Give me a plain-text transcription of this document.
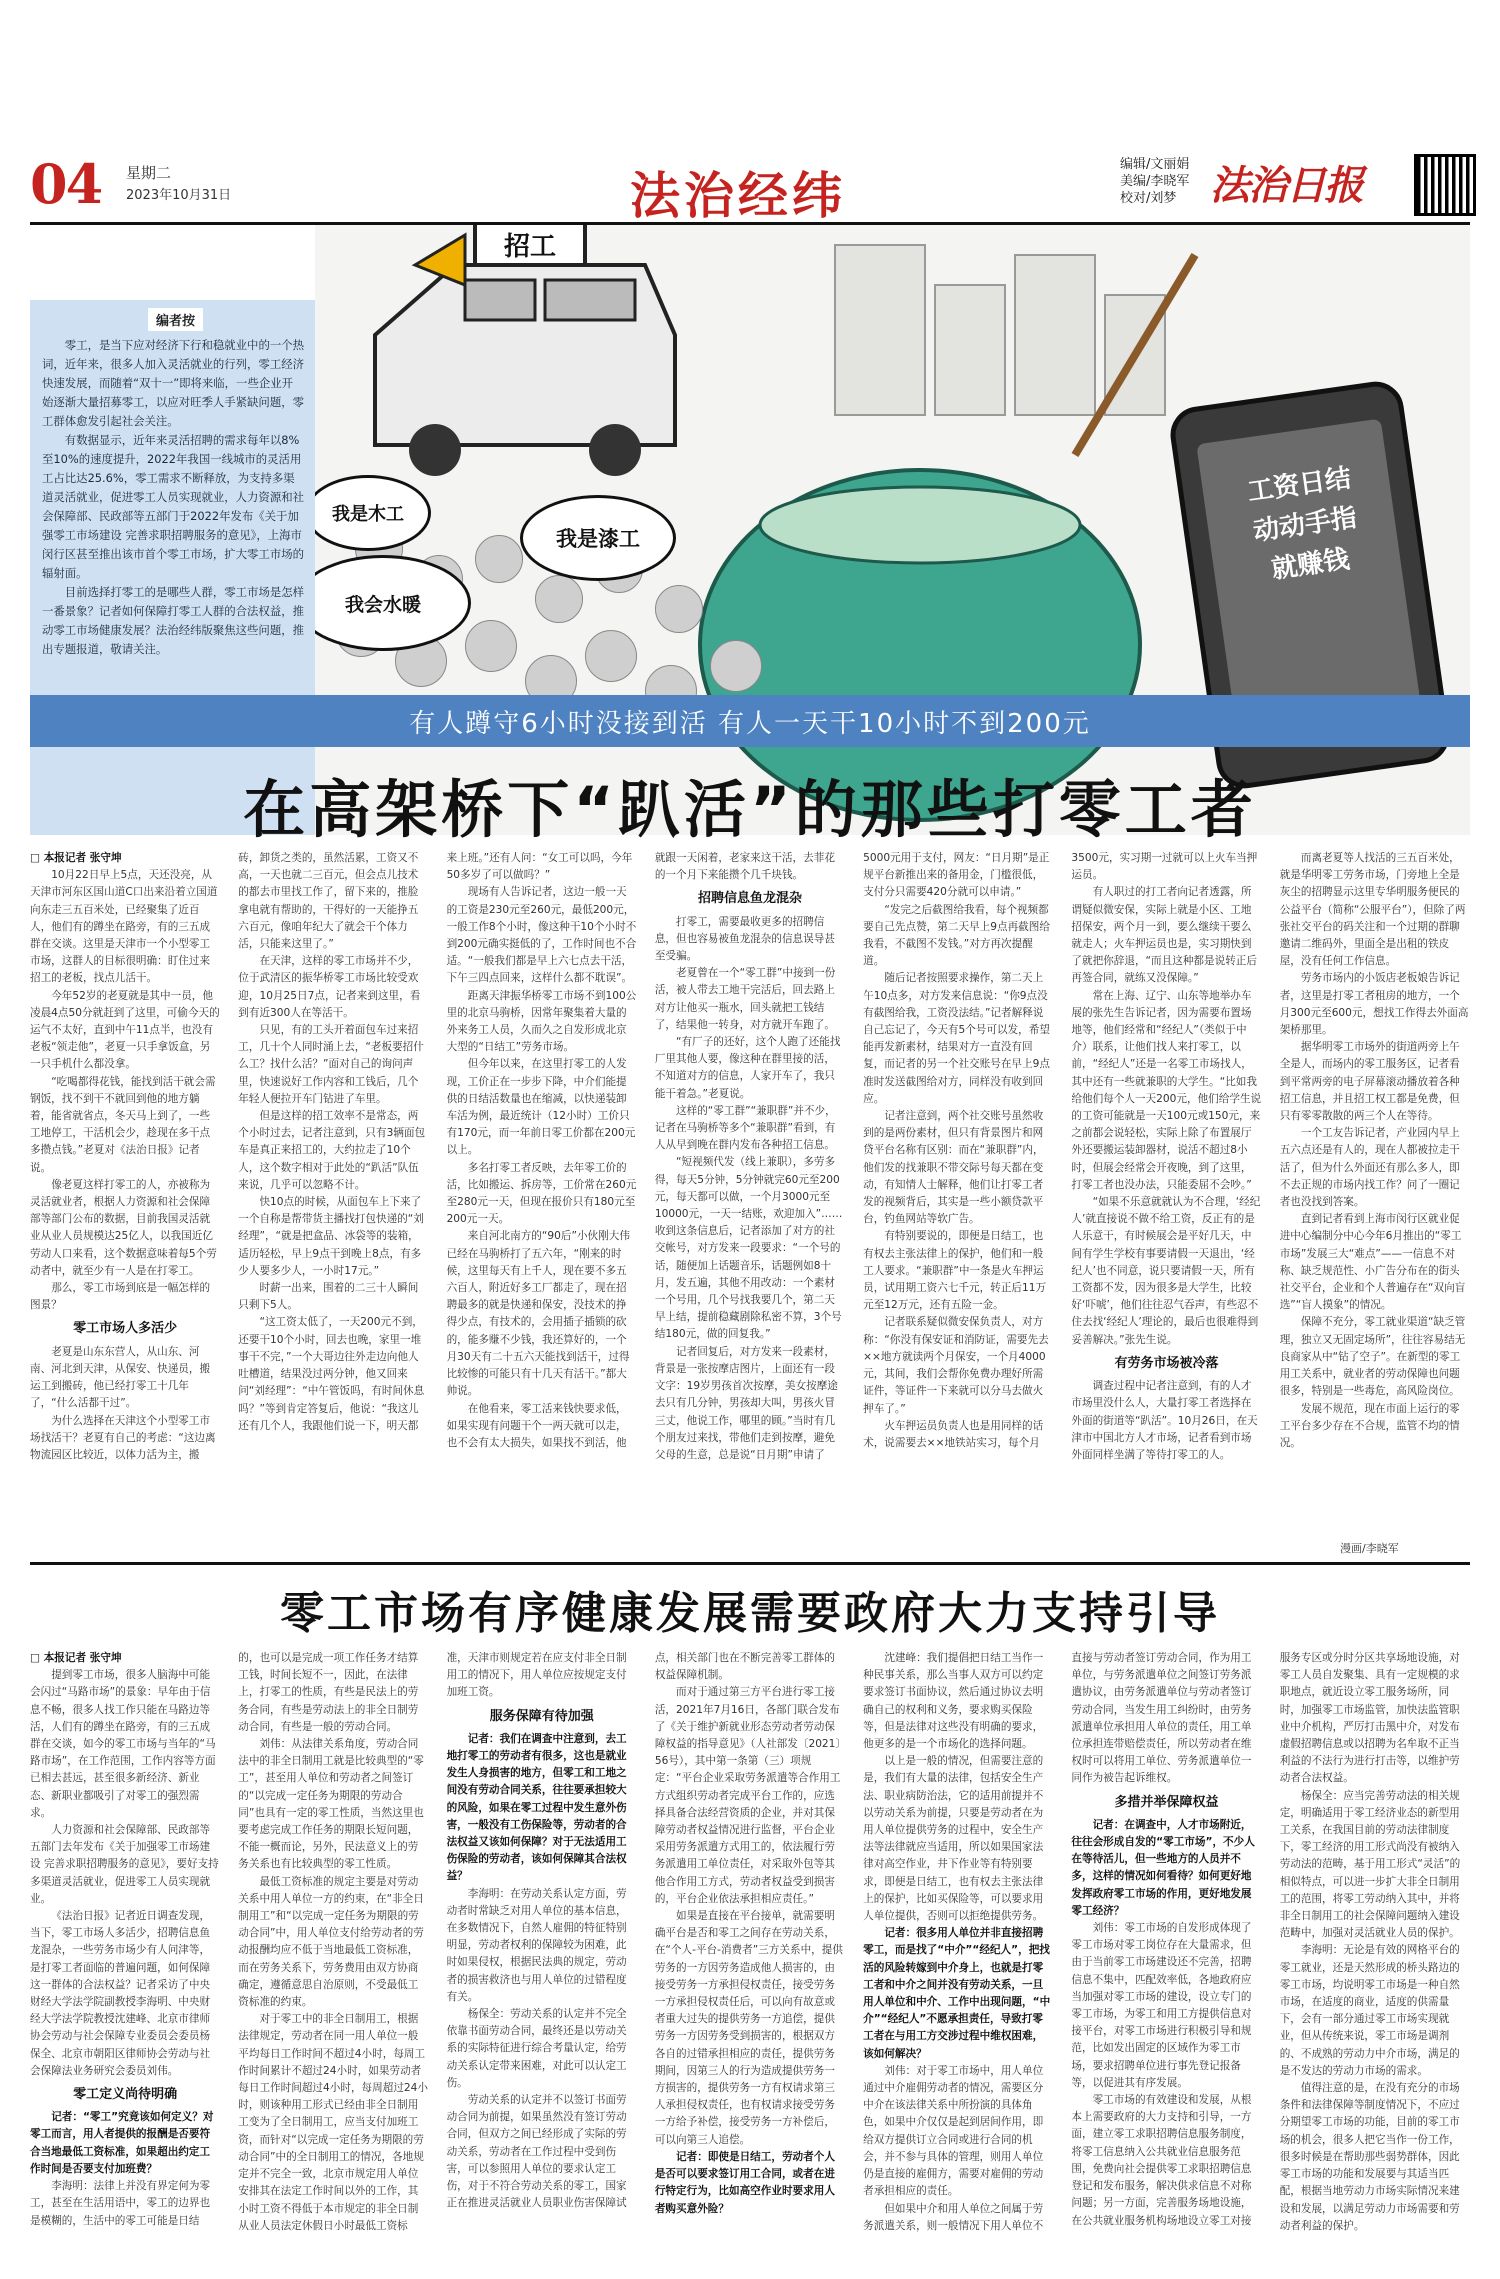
04 星期二
2023年10月31日	法治经纬
编辑/文丽娟
美编/李晓军
校对/刘梦 法治日报
编者按

零工，是当下应对经济下行和稳就业中的一个热词，近年来，很多人加入灵活就业的行列，零工经济快速发展，而随着“双十一”即将来临，一些企业开始逐渐大量招募零工，以应对旺季人手紧缺问题，零工群体愈发引起社会关注。

有数据显示，近年来灵活招聘的需求每年以8%至10%的速度提升，2022年我国一线城市的灵活用工占比达25.6%，零工需求不断释放，为支持多渠道灵活就业，促进零工人员实现就业，人力资源和社会保障部、民政部等五部门于2022年发布《关于加强零工市场建设 完善求职招聘服务的意见》，上海市闵行区甚至推出该市首个零工市场，扩大零工市场的辐射面。

目前选择打零工的是哪些人群，零工市场是怎样一番景象？记者如何保障打零工人群的合法权益，推动零工市场健康发展？法治经纬版聚焦这些问题，推出专题报道，敬请关注。

招工
我是木工
我是漆工
我会水暖
工资日结
动动手指
就赚钱
有人蹲守6小时没接到活 有人一天干10小时不到200元
在高架桥下“趴活”的那些打零工者

□ 本报记者 张守坤

10月22日早上5点，天还没亮，从天津市河东区国山道C口出来沿着立国道向东走三五百米处，已经聚集了近百人，他们有的蹲坐在路旁，有的三五成群在交谈。这里是天津市一个小型零工市场，这群人的目标很明确：盯住过来招工的老板，找点儿活干。

今年52岁的老夏就是其中一员，他凌晨4点50分就赶到了这里，可偷今天的运气不太好，直到中午11点半，也没有老板“领走他”，老夏一只手拿饭盒，另一只手机什么都没拿。

“吃喝都得花钱，能找到活干就会需钢饭，找不到干不就回到他的地方躺着，能省就省点，冬天马上到了，一些工地停工，干活机会少，趁现在多干点多攒点钱。”老夏对《法治日报》记者说。

像老夏这样打零工的人，亦被称为灵活就业者，根据人力资源和社会保障部等部门公布的数据，目前我国灵活就业从业人员规模达25亿人，以我国近亿劳动人口来看，这个数据意味着每5个劳动者中，就至少有一人是在打零工。

那么，零工市场到底是一幅怎样的图景？

零工市场人多活少

老夏是山东东营人，从山东、河南、河北到天津，从保安、快递员，搬运工到搬砖，他已经打零工十几年了，“什么活都干过”。

为什么选择在天津这个小型零工市场找活干？老夏有自己的考虑：“这边离物流园区比较近，以体力活为主，搬砖，卸货之类的，虽然活累，工资又不高，一天也就二三百元，但会点儿技术的都去市里找工作了，留下来的，推脸拿电就有帮助的，干得好的一天能挣五六百元，像咱年纪大了就会干个体力活，只能来这里了。”

在天津，这样的零工市场并不少，位于武清区的振华桥零工市场比较受欢迎，10月25日7点，记者来到这里，看到有近300人在等活干。

只见，有的工头开着面包车过来招工，几十个人同时涌上去，“老板要招什么工？找什么活？”面对自己的询问声里，快速说好工作内容和工钱后，几个年轻人便拉开车门钻进了车里。

但是这样的招工效率不是常态，两个小时过去，记者注意到，只有3辆面包车是真正来招工的，大约拉走了10个人，这个数字相对于此处的“趴活”队伍来说，几乎可以忽略不计。

快10点的时候，从面包车上下来了一个自称是帮带货主播找打包快递的“刘经理”，“就是把盒品、冰袋等的装箱，适历轻松，早上9点干到晚上8点，有多少人要多少人，一小时17元。”

时薪一出来，围着的二三十人瞬间只剩下5人。

“这工资太低了，一天200元不到，还要干10个小时，回去也晚，家里一堆事干不完，”一个大哥边往外走边向他人吐槽道，结果没过两分钟，他又回来问“刘经理”：“中午管饭吗，有时间休息吗？”等到肯定答复后，他说：“我这儿还有几个人，我跟他们说一下，明天都来上班。”还有人问：“女工可以吗，今年50多岁了可以做吗？”

现场有人告诉记者，这边一般一天的工资是230元至260元，最低200元，一般工作8个小时，像这种干10个小时不到200元确实挺低的了，工作时间也不合适。“一般我们都是早上六七点去干活，下午三四点回来，这样什么都不耽误”。

距离天津振华桥零工市场不到100公里的北京马驹桥，因常年聚集着大量的外来务工人员，久而久之自发形成北京大型的“日结工”劳务市场。

但今年以来，在这里打零工的人发现，工价正在一步步下降，中介们能提供的日结活数量也在缩减，以快递装卸车活为例，最近统计（12小时）工价只有170元，而一年前日零工价都在200元以上。

多名打零工者反映，去年零工价的活，比如搬运、拆房等，工价常在260元至280元一天，但现在报价只有180元至200元一天。

来自河北南方的“90后”小伙刚大伟已经在马驹桥打了五六年，“刚来的时候，这里每天有上千人，现在要不多五六百人，附近好多工厂都走了，现在招聘最多的就是快递和保安，没技术的挣得少点，有技术的，会用插子插锁的砍的，能多赚不少钱，我还算好的，一个月30天有二十五六天能找到活干，过得比较惨的可能只有十几天有活干。”都大帅说。

在他看来，零工活来钱快要求低，如果实现有问题干个一两天就可以走，也不会有太大损失，如果找不到活，他就跟一天闲着，老家来这干活，去菲花的一个月下来能攒个几千块钱。

招聘信息鱼龙混杂

打零工，需要最收更多的招聘信息，但也容易被鱼龙混杂的信息误导甚至受骗。

老夏曾在一个“零工群”中接到一份活，被人带去工地干完活后，回去路上对方让他买一瓶水，回头就把工钱结了，结果他一转身，对方就开车跑了。

“有厂子的还好，这个人跑了还能找厂里其他人要，像这种在群里接的活，不知道对方的信息，人家开车了，我只能干着急。”老夏说。

这样的“零工群”“兼职群”并不少，记者在马驹桥等多个“兼职群”看到，有人从早到晚在群内发布各种招工信息。

“短视频代发（线上兼职），多劳多得，每天5分钟，5分钟就完60元至200元，每天都可以做，一个月3000元至10000元，一天一结账，欢迎加入”……收到这条信息后，记者添加了对方的社交帐号，对方发来一段要求：“一个号的话，随便加上话题音乐，话题例如8十月，发五遍，其他不用改动：一个素材一个号用，几个号找我要几个，第二天早上结，提前稳藏剧除私密不算，3个号结180元，做的回复我。”

记者回复后，对方发来一段素材，背景是一张按摩店图片，上面还有一段文字：19岁男孩首次按摩，美女按摩途去只有几分钟，男孩却大叫，男孩火冒三丈，他说工作，哪里的顾。”当时有几个朋友过来找，带他们走到按摩，避免父母的生意，总是说“日月期”申请了5000元用于支付，网友：“日月期”是正规平台新推出来的备用金，门槛很低，支付分只需要420分就可以申请。”

“发完之后截图给我看，每个视频都要自己先点赞，第二天早上9点再截图给我看，不截图不发钱。”对方再次提醒道。

随后记者按照要求操作，第二天上午10点多，对方发来信息说：“你9点没有截图给我，工资没法结。”记者解释说自己忘记了，今天有5个号可以发，希望能再发新素材，结果对方一直没有回复，而记者的另一个社交账号在早上9点准时发送截图给对方，同样没有收到回应。

记者注意到，两个社交账号虽然收到的是两份素材，但只有背景图片和网贷平台名称有区别：而在“兼职群”内，他们发的找兼职不带交际号每天都在变动，有知情人士解释，他们让打零工者发的视频背后，其实是一些小额贷款平台，钓鱼网站等软广告。

有特别要说的，即便是日结工，也有权去主张法律上的保护，他们和一般工人要求。“兼职群”中一条是火车押运员，试用期工资六七千元，转正后11万元至12万元，还有五险一金。

记者联系疑似微安保负责人，对方称：“你没有保安证和消防证，需要先去××地方就读两个月保安，一个月4000元，其间，我们会帮你免费办理好所需证件，等证件一下来就可以分马去做火押车了。”

火车押运员负责人也是用同样的话术，说需要去××地铁站实习，每个月3500元，实习期一过就可以上火车当押运员。

有人职过的打工者向记者透露，所谓疑似微安保，实际上就是小区、工地招保安，两个月一到，要么继续干要么就走人；火车押运员也是，实习期快到了就把你辞退，“而且这种都是说转正后再签合同，就练又没保障。”

常在上海、辽宁、山东等地举办车展的张先生告诉记者，因为需要布置场地等，他们经常和“经纪人”（类似于中介）联系，让他们找人来打零工，以前，“经纪人”还是一名零工市场找人，其中还有一些就兼职的大学生。“比如我给他们每个人一天200元，他们给学生说的工资可能就是一天100元或150元，来之前都会说轻松，实际上除了布置展厅外还要搬运装卸器材，说活不超过8小时，但展会经常会开夜晚，到了这里，打零工者也没办法，只能委屈不会吵。”

“如果不乐意就就认为不合理，‘经纪人’就直接说不做不给工资，反正有的是人乐意干，有时候展会是平好几天，中间有学生学校有事要请假一天退出，‘经纪人’也不同意，说只要请假一天，所有工资都不发，因为很多是大学生，比较好‘吓唬’，他们往往忍气吞声，有些忍不住去找‘经纪人’理论的，最后也很难得到妥善解决。”张先生说。

有劳务市场被冷落

调查过程中记者注意到，有的人才市场里没什么人，大量打零工者选择在外面的街道等“趴活”。10月26日，在天津市中国北方人才市场，记者看到市场外面同样坐满了等待打零工的人。

而离老夏等人找活的三五百米处，就是华明零工劳务市场，门旁地上全是灰尘的招聘显示这里专华明服务便民的公益平台（简称“公服平台”），但除了两张社交平台的码关注和一个过期的群聊邀请二维码外，里面全是出租的铁皮屋，没有任何工作信息。

劳务市场内的小饭店老板娘告诉记者，这里是打零工者租房的地方，一个月300元至600元，想找工作得去外面高架桥那里。

据华明零工市场外的街道两旁上午全是人，而场内的零工服务区，记者看到平常两旁的电子屏幕滚动播放着各种招工信息，并且招工权工都是免费，但只有零零散散的两三个人在等待。

一个工友告诉记者，产业园内早上五六点还是有人的，现在人都被拉走干活了，但为什么外面还有那么多人，即不去正规的市场内找工作？问了一圈记者也没找到答案。

直到记者看到上海市闵行区就业促进中心编制分中心今年6月推出的“零工市场”发展三大“难点”——一信息不对称、缺乏规范性、小广告分布在的街头社交平台，企业和个人普遍存在“双向盲选”“盲人摸象”的情况。

保障不充分，零工就业渠道“缺乏管理，独立又无固定场所”，往往容易结无良商家从中“钻了空子”。在新型的零工用工关系中，就业者的劳动保障也问题很多，特别是一些毒危，高风险岗位。

发展不规范，现在市面上运行的零工平台多少存在不合规，监管不均的情况。

漫画/李晓军
零工市场有序健康发展需要政府大力支持引导

□ 本报记者 张守坤

提到零工市场，很多人脑海中可能会闪过“马路市场”的景象：早年由于信息不畅，很多人找工作只能在马路边等活，人们有的蹲坐在路旁，有的三五成群在交谈，如今的零工市场与当年的“马路市场”，在工作范围，工作内容等方面已相去甚远，甚至很多新经济、新业态、新职业都吸引了对零工的强烈需求。

人力资源和社会保障部、民政部等五部门去年发布《关于加强零工市场建设 完善求职招聘服务的意见》，要好支持多渠道灵活就业，促进零工人员实现就业。

《法治日报》记者近日调查发现，当下，零工市场人多活少，招聘信息鱼龙混杂，一些劳务市场少有人问津等，是打零工者面临的普遍问题，如何保障这一群体的合法权益？记者采访了中央财经大学法学院副教授李海明、中央财经大学法学院教授沈建峰、北京市律师协会劳动与社会保障专业委员会委员杨保全、北京市朝阳区律师协会劳动与社会保障法业务研究会委员刘伟。

零工定义尚待明确

记者：“零工”究竟该如何定义？对零工而言，用人者提供的报酬是否要符合当地最低工资标准，如果超出约定工作时间是否要支付加班费？

李海明：法律上并没有界定何为零工，甚至在生活用语中，零工的边界也是模糊的，生活中的零工可能是日结的，也可以是完成一项工作任务才结算工钱，时间长短不一，因此，在法律上，打零工的性质，有些是民法上的劳务合同，有些是劳动法上的非全日制劳动合同，有些是一般的劳动合同。

刘伟：从法律关系角度，劳动合同法中的非全日制用工就是比较典型的“零工”，甚至用人单位和劳动者之间签订的“以完成一定任务为期限的劳动合同”也具有一定的零工性质，当然这里也要考虑完成工作任务的期限长短问题，不能一概而论，另外，民法意义上的劳务关系也有比较典型的零工性质。

最低工资标准的规定主要是对劳动关系中用人单位一方的约束，在“非全日制用工”和“以完成一定任务为期限的劳动合同”中，用人单位支付给劳动者的劳动报酬均应不低于当地最低工资标准，而在劳务关系下，劳务费用由双方协商确定，遵循意思自治原则，不受最低工资标准的约束。

对于零工中的非全日制用工，根据法律规定，劳动者在同一用人单位一般平均每日工作时间不超过4小时，每周工作时间累计不超过24小时，如果劳动者每日工作时间超过4小时，每周超过24小时，则该种用工形式已经由非全日制用工变为了全日制用工，应当支付加班工资，而针对“以完成一定任务为期限的劳动合同”中的全日制用工的情况，各地规定并不完全一致，北京市规定用人单位安排其在法定工作时间以外的工作，其小时工资不得低于本市规定的非全日制从业人员法定休假日小时最低工资标准，天津市则规定若在应支付非全日制用工的情况下，用人单位应按规定支付加班工资。

服务保障有待加强

记者：我们在调查中注意到，去工地打零工的劳动者有很多，这也是就业发生人身损害的地方，但零工和工地之间没有劳动合同关系，往往要承担较大的风险，如果在零工过程中发生意外伤害，一般没有工伤保险等，劳动者的合法权益又该如何保障？对于无法适用工伤保险的劳动者，该如何保障其合法权益？

李海明：在劳动关系认定方面，劳动者时常缺乏对用人单位的基本信息，在多数情况下，自然人雇佣的特征特别明显，劳动者权利的保障较为困难，此时如果侵权，根据民法典的规定，劳动者的损害救济也与用人单位的过错程度有关。

杨保全：劳动关系的认定并不完全依靠书面劳动合同，最终还是以劳动关系的实际特征进行综合考量认定，给劳动关系认定带来困难，对此可以认定工伤。

劳动关系的认定并不以签订书面劳动合同为前提，如果虽然没有签订劳动合同，但双方之间已经形成了实际的劳动关系，劳动者在工作过程中受到伤害，可以参照用人单位的要求认定工伤，对于不符合劳动关系的零工，国家正在推进灵活就业人员职业伤害保障试点，相关部门也在不断完善零工群体的权益保障机制。

而对于通过第三方平台进行零工接活，2021年7月16日，各部门联合发布了《关于维护新就业形态劳动者劳动保障权益的指导意见》（人社部发〔2021〕56号），其中第一条第（三）项规定：“平台企业采取劳务派遣等合作用工方式组织劳动者完成平台工作的，应选择具备合法经营资质的企业，并对其保障劳动者权益情况进行监督，平台企业采用劳务派遣方式用工的，依法履行劳务派遣用工单位责任，对采取外包等其他合作用工方式，劳动者权益受到损害的，平台企业依法承担相应责任。”

如果是直接在平台接单，就需要明确平台是否和零工之间存在劳动关系，在“个人-平台-消费者”三方关系中，提供劳务的一方因劳务造成他人损害的，由接受劳务一方承担侵权责任，接受劳务一方承担侵权责任后，可以向有故意或者重大过失的提供劳务一方追偿，提供劳务一方因劳务受到损害的，根据双方各自的过错承担相应的责任，提供劳务期间，因第三人的行为造成提供劳务一方损害的，提供劳务一方有权请求第三人承担侵权责任，也有权请求接受劳务一方给予补偿，接受劳务一方补偿后，可以向第三人追偿。

记者：即使是日结工，劳动者个人是否可以要求签订用工合同，或者在进行特定行为，比如高空作业时要求用人者购买意外险？

沈建峰：我们提倡把日结工当作一种民事关系，那么当事人双方可以约定要求签订书面协议，然后通过协议去明确自己的权利和义务，要求购买保险等，但是法律对这些没有明确的要求，他更多的是一个市场化的选择问题。

以上是一般的情况，但需要注意的是，我们有大量的法律，包括安全生产法、职业病防治法，它的适用前提并不以劳动关系为前提，只要是劳动者在为用人单位提供劳务的过程中，安全生产法等法律就应当适用，所以如果国家法律对高空作业，井下作业等有特别要求，即便是日结工，也有权去主张法律上的保护，比如买保险等，可以要求用人单位提供，否则可以拒绝提供劳务。

记者：很多用人单位并非直接招聘零工，而是找了“中介”“经纪人”，把找活的风险转嫁到中介身上，也就是打零工者和中介之间并没有劳动关系，一旦用人单位和中介、工作中出现问题，“中介”“经纪人”不愿承担责任，导致打零工者在与用工方交涉过程中维权困难，该如何解决？

刘伟：对于零工市场中，用人单位通过中介雇佣劳动者的情况，需要区分中介在该法律关系中所扮演的具体角色，如果中介仅仅是起到居间作用，即给双方提供订立合同或进行合同的机会，并不参与具体的管理，则用人单位仍是直接的雇佣方，需要对雇佣的劳动者承担相应的责任。

但如果中介和用人单位之间属于劳务派遣关系，则一般情况下用人单位不直接与劳动者签订劳动合同，作为用工单位，与劳务派遣单位之间签订劳务派遣协议，由劳务派遣单位与劳动者签订劳动合同，当发生用工纠纷时，由劳务派遣单位承担用人单位的责任，用工单位承担连带赔偿责任，所以劳动者在维权时可以将用工单位、劳务派遣单位一同作为被告起诉维权。

多措并举保障权益

记者：在调查中，人才市场附近，往往会形成自发的“零工市场”，不少人在等待活儿，但一些地方的人员并不多，这样的情况如何看待？如何更好地发挥政府零工市场的作用，更好地发展零工经济？

刘伟：零工市场的自发形成体现了零工市场对零工岗位存在大量需求，但由于当前零工市场建设还不完善，招聘信息不集中，匹配效率低，各地政府应当加强对零工市场的建设，设立专门的零工市场，为零工和用工方提供信息对接平台，对零工市场进行积极引导和规范，比如发出固定的区域作为零工市场，要求招聘单位进行事先登记报备等，以促进其有序发展。

零工市场的有效建设和发展，从根本上需要政府的大力支持和引导，一方面，建立零工求职招聘信息服务制度，将零工信息纳入公共就业信息服务范围，免费向社会提供零工求职招聘信息登记和发布服务，解决供求信息不对称问题；另一方面，完善服务场地设施，在公共就业服务机构场地设立零工对接服务专区或分时分区共享场地设施，对零工人员自发聚集、具有一定规模的求职地点，就近设立零工服务场所，同时，加强零工市场监管，加快法监管职业中介机构，严厉打击黑中介，对发布虚假招聘信息或以招聘为名牟取不正当利益的不法行为进行打击等，以维护劳动者合法权益。

杨保全：应当完善劳动法的相关规定，明确适用于零工经济业态的新型用工关系，在我国目前的劳动法律制度下，零工经济的用工形式尚没有被纳入劳动法的范畴，基于用工形式“灵活”的相似特点，可以进一步扩大非全日制用工的范围，将零工劳动纳入其中，并将非全日制用工的社会保障问题纳入建设范畴中，加强对灵活就业人员的保护。

李海明：无论是有效的网格平台的零工就业，还是天然形成的桥头路边的零工市场，均说明零工市场是一种自然市场，在适度的商业，适度的供需量下，会有一部分通过零工市场实现就业，但从传统来说，零工市场是调剂的、不成熟的劳动力中介市场，满足的是不发达的劳动力市场的需求。

值得注意的是，在没有充分的市场条件和法律保障等制度情况下，不应过分期望零工市场的功能，目前的零工市场的机会，很多人把它当作一份工作，很多时候是在帮助那些弱势群体，因此零工市场的功能和发展要与其适当匹配，根据当地劳动力市场实际情况来建设和发展，以满足劳动力市场需要和劳动者利益的保护。
